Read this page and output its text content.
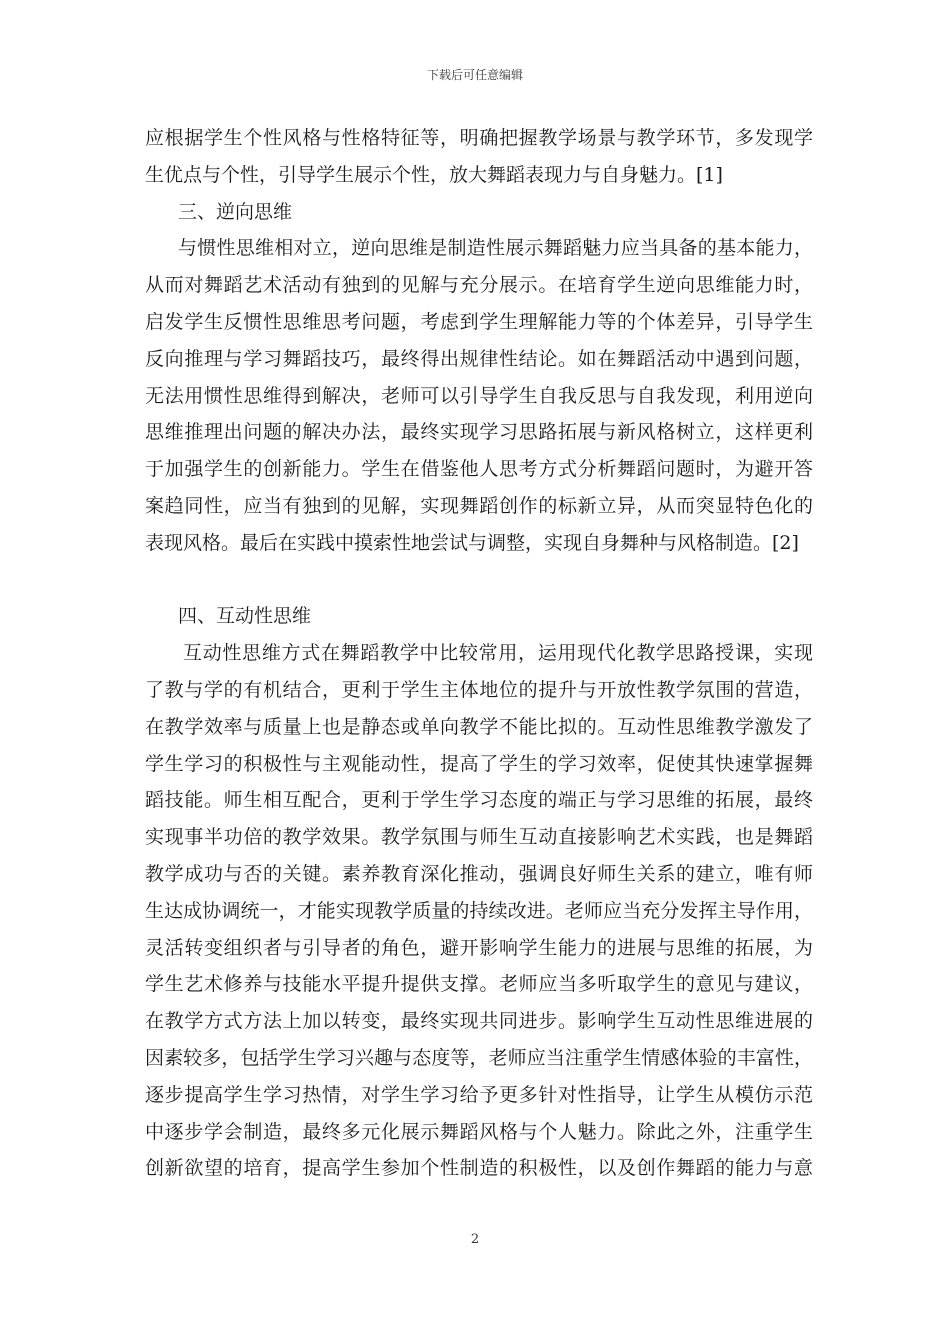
下载后可任意编辑
应根据学生个性风格与性格特征等，明确把握教学场景与教学环节，多发现学
生优点与个性，引导学生展示个性，放大舞蹈表现力与自身魅力。[1]
三、逆向思维
与惯性思维相对立，逆向思维是制造性展示舞蹈魅力应当具备的基本能力，
从而对舞蹈艺术活动有独到的见解与充分展示。在培育学生逆向思维能力时，
启发学生反惯性思维思考问题，考虑到学生理解能力等的个体差异，引导学生
反向推理与学习舞蹈技巧，最终得出规律性结论。如在舞蹈活动中遇到问题，
无法用惯性思维得到解决，老师可以引导学生自我反思与自我发现，利用逆向
思维推理出问题的解决办法，最终实现学习思路拓展与新风格树立，这样更利
于加强学生的创新能力。学生在借鉴他人思考方式分析舞蹈问题时，为避开答
案趋同性，应当有独到的见解，实现舞蹈创作的标新立异，从而突显特色化的
表现风格。最后在实践中摸索性地尝试与调整，实现自身舞种与风格制造。[2]
四、互动性思维
互动性思维方式在舞蹈教学中比较常用，运用现代化教学思路授课，实现
了教与学的有机结合，更利于学生主体地位的提升与开放性教学氛围的营造，
在教学效率与质量上也是静态或单向教学不能比拟的。互动性思维教学激发了
学生学习的积极性与主观能动性，提高了学生的学习效率，促使其快速掌握舞
蹈技能。师生相互配合，更利于学生学习态度的端正与学习思维的拓展，最终
实现事半功倍的教学效果。教学氛围与师生互动直接影响艺术实践，也是舞蹈
教学成功与否的关键。素养教育深化推动，强调良好师生关系的建立，唯有师
生达成协调统一，才能实现教学质量的持续改进。老师应当充分发挥主导作用，
灵活转变组织者与引导者的角色，避开影响学生能力的进展与思维的拓展，为
学生艺术修养与技能水平提升提供支撑。老师应当多听取学生的意见与建议，
在教学方式方法上加以转变，最终实现共同进步。影响学生互动性思维进展的
因素较多，包括学生学习兴趣与态度等，老师应当注重学生情感体验的丰富性，
逐步提高学生学习热情，对学生学习给予更多针对性指导，让学生从模仿示范
中逐步学会制造，最终多元化展示舞蹈风格与个人魅力。除此之外，注重学生
创新欲望的培育，提高学生参加个性制造的积极性，以及创作舞蹈的能力与意
2
